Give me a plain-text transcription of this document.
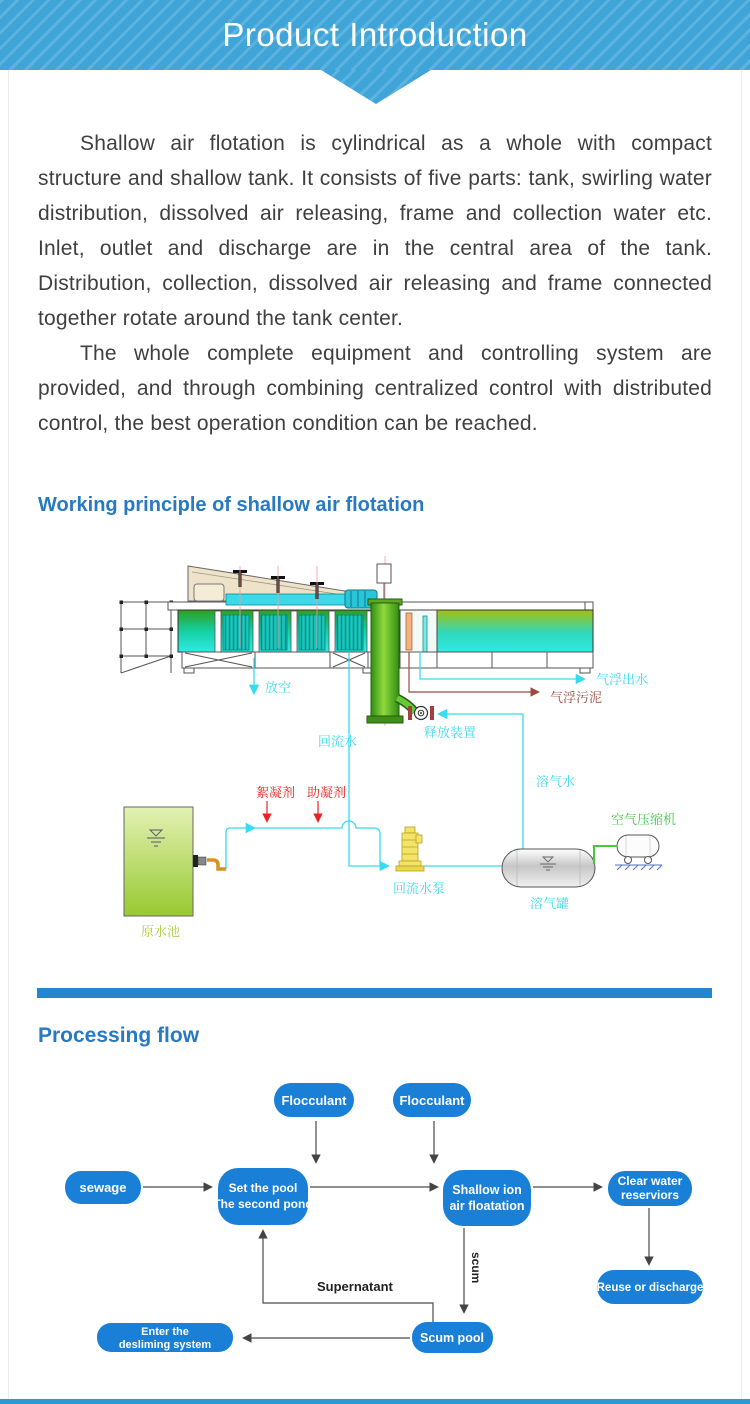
Product Introduction

Shallow air flotation is cylindrical as a whole with compact structure and shallow tank. It consists of five parts: tank, swirling water distribution, dissolved air releasing, frame and collection water etc. Inlet, outlet and discharge are in the central area of the tank. Distribution, collection, dissolved air releasing and frame connected together rotate around the tank center.

The whole complete equipment and controlling system are provided, and through combining centralized control with distributed control, the best operation condition can be reached.

Working principle of shallow air flotation
放空
回流水
释放装置
气浮出水
气浮污泥
溶气水
絮凝剂 助凝剂
原水池
回流水泵
溶气罐
空气压缩机
Processing flow
Flocculant	Flocculant
sewage	Set the pool
The second pond
Shallow ion
air floatation
Clear water
reserviors
Reuse or discharge
Scum pool
Enter the
desliming system
scum
Supernatant
